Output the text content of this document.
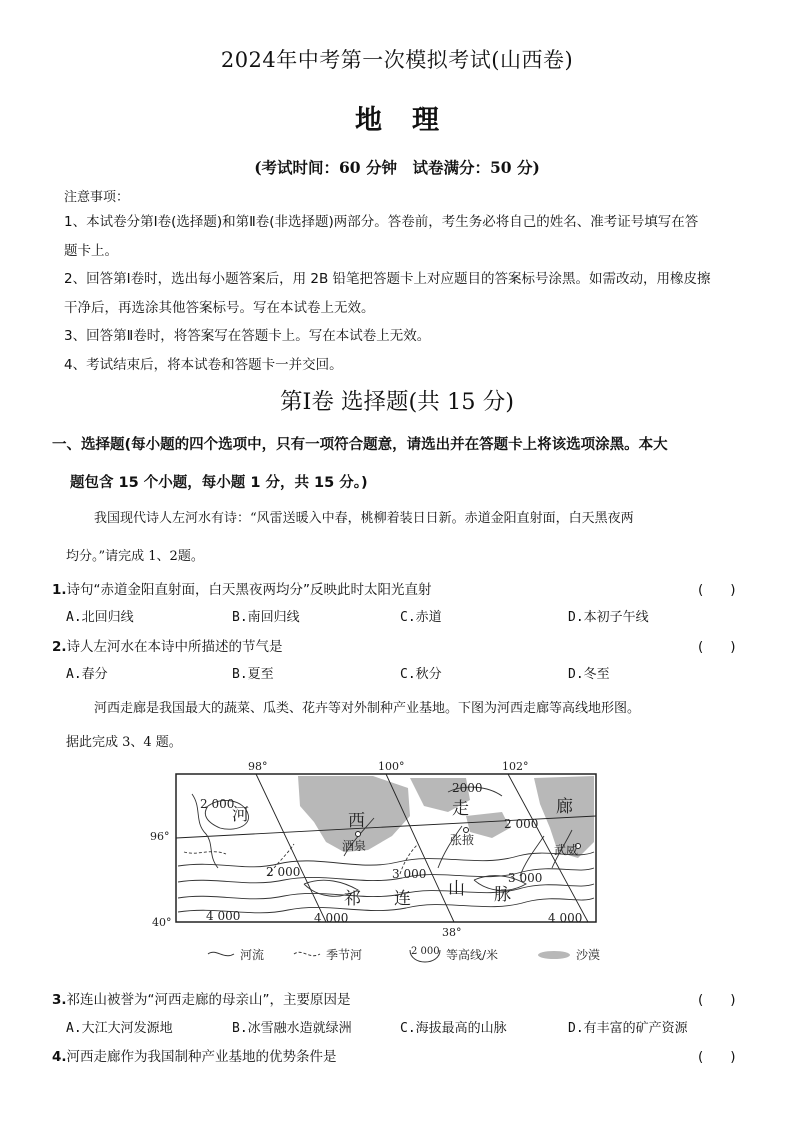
2024年中考第一次模拟考试(山西卷)
地理
(考试时间：60 分钟　试卷满分：50 分)
注意事项：
1、本试卷分第Ⅰ卷(选择题)和第Ⅱ卷(非选择题)两部分。答卷前，考生务必将自己的姓名、准考证号填写在答
题卡上。
2、回答第Ⅰ卷时，选出每小题答案后，用 2B 铅笔把答题卡上对应题目的答案标号涂黑。如需改动，用橡皮擦
干净后，再选涂其他答案标号。写在本试卷上无效。
3、回答第Ⅱ卷时，将答案写在答题卡上。写在本试卷上无效。
4、考试结束后，将本试卷和答题卡一并交回。
第Ⅰ卷 选择题(共 15 分)
一、选择题(每小题的四个选项中，只有一项符合题意，请选出并在答题卡上将该选项涂黑。本大
题包含 15 个小题，每小题 1 分，共 15 分。)
我国现代诗人左河水有诗：“风雷送暖入中春，桃柳着装日日新。赤道金阳直射面，白天黑夜两
均分。”请完成 1、2题。
1.诗句“赤道金阳直射面，白天黑夜两均分”反映此时太阳光直射	(　　)
A.北回归线	B.南回归线	C.赤道	D.本初子午线
2.诗人左河水在本诗中所描述的节气是	(　　)
A.春分	B.夏至	C.秋分	D.冬至
河西走廊是我国最大的蔬菜、瓜类、花卉等对外制种产业基地。下图为河西走廊等高线地形图。
据此完成 3、4 题。
98°	100°	102°
96°
40°
38°
2 000
2000
2 000
2 000	3 000	3 000
4 000	4 000	4 000
河	西
走	廊
祁 连 山 脉
酒泉	张掖
武威
河流	季节河	2 000 等高线/米	沙漠
3.祁连山被誉为“河西走廊的母亲山”，主要原因是	(　　)
A.大江大河发源地	B.冰雪融水造就绿洲	C.海拔最高的山脉	D.有丰富的矿产资源
4.河西走廊作为我国制种产业基地的优势条件是	(　　)
